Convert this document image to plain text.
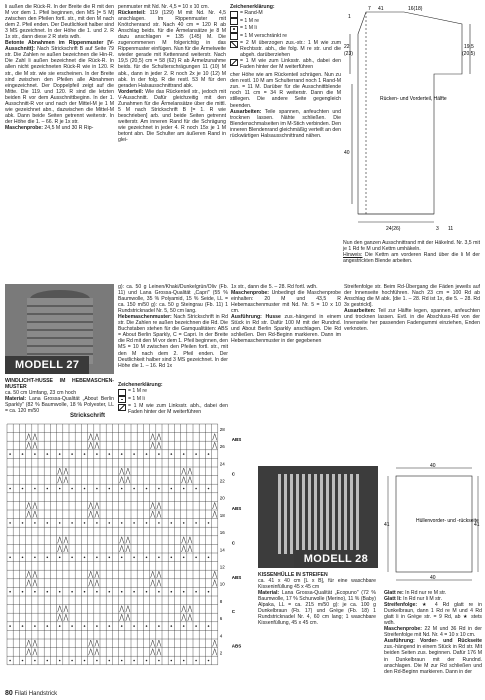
li außen die Rück-R. In der Breite die R mit den M vor dem 1. Pfeil beginnen, den MS [= 5 M] zwischen den Pfeilen fortl. str., mit den M nach dem 2. Pfeil enden. Der Deutlichkeit halber sind 3 MS gezeichnet. In der Höhe die 1. und 2. R 1x str., dann diese 2 R stets wdh.

Betonte Abnahmen im Rippenmuster [V-Ausschnitt]: Nach Strickschrift B auf Seite 79 str. Die Zahlen re außen bezeichnen die Hin-R. Die Zahl li außen bezeichnet die Rück-R. In allen nicht gezeichneten Rück-R wie in 120. R str., die M str. wie sie erscheinen. In der Breite sind zwischen den Pfeilen alle Abnahmen eingezeichnet. Der Doppelpfeil zeigt auf die Mitte. Die 119. und 120. R sind die letzten beiden R vor dem Ausschnittbeginn. In der 1. Ausschnitt-R vor und nach der Mittel-M je 1 M wie gezeichnet abn., dazwischen die Mittel-M abk. Dann beide Seiten getrennt weiterstr. In der Höhe die 1. – 66. R je 1x str.

Maschenprobe: 24,5 M und 30 R Rip-

penmuster mit Nd. Nr. 4,5 = 10 x 10 cm.

Rückenteil: 119 (129) M mit Nd. Nr. 4,5 anschlagen. Im Rippenmuster mit Knötchenrand str. Nach 40 cm = 120 R ab Anschlag beids. für die Ärmelansätze je 8 M dazu anschlagen = 135 (145) M. Die zugenommenen M folgerichtig in das Rippenmuster einfügen. Nun für die Ärmelweite wieder gerade mit Kettenrand weiterstr. Nach 19,5 (20,5) cm = 58 (62) R ab Ärmelzunahme beids. für die Schulterschrägungen 11 (10) M abk., dann in jeder 2. R noch 2x je 10 (12) M abk. In der folg. R die restl. 53 M für den geraden Halsausschnittrand abk.

Vorderteil: Wie das Rückenteil str., jedoch mit V-Ausschnitt. Dafür gleichzeitig mit den Zunahmen für die Ärmelansätze über die mittl. 5 M nach Strickschrift B [= 1. R wie beschrieben] arb. und beide Seiten getrennt weiterstr. Am inneren Rand für die Schrägung wie gezeichnet in jeder 4. R noch 15x je 1 M betont abn. Die Schulter am äußeren Rand in glei-

Zeichenerklärung:
= Rand-M
= 1 M re
= 1 M li
= 1 M verschränkt re
= 2 M überzogen zus.-str.: 1 M wie zum Rechtsstr. abh., die folg. M re str. und die abgeh. darüberziehen
= 1 M wie zum Linksstr. abh., dabei den Faden hinter der M weiterführen

cher Höhe wie am Rückenteil schrägen. Nun zu den restl. 10 M am Schulterrand noch 1 Rand-M zun. = 11 M. Darüber für die Ausschnittblende noch 11 cm = 34 R weiterstr. Dann die M stillegen. Die andere Seite gegengleich beenden.

Ausarbeiten: Teile spannen, anfeuchten und trocknen lassen. Nähte schließen. Die Blendenschmalseiten im M-Stich verbinden. Den inneren Blendenrand gleichmäßig verteilt an den rückwärtigen Halsausschnittrand nähen.

7 41	16(18)
1
22
(23)
19,5
(20,5)
40
24(26)	3 11
Rücken- und Vorderteil, Hälfte

Nun den ganzen Ausschnittrand mit der Häkelnd. Nr. 3,5 mit je 1 Rd fe M und Kettm umhäkeln.

Hinweis: Die Kettm am vorderen Rand über die li M der angestrickten Blende arbeiten.

MODELL 27

WINDLICHT-HUSSE IM HEBEMASCHEN-MUSTER

ca. 50 cm Umfang, 23 cm hoch

Material: Lana Grossa-Qualität „About Berlin Sparkly" (82 % Baumwolle, 18 % Polyester, LL = ca. 120 m/50

g): ca. 50 g Leinen/Khaki/Dunkelgrün/Oliv (Fb. 11) und Lana Grossa-Qualität „Capri" (55 % Baumwolle, 35 % Polyamid, 15 % Seide, LL = ca. 150 m/50 g): ca. 50 g Steingrau (Fb. 11) 1 Rundstricknadel Nr. 5, 50 cm lang.

Hebemaschenmuster: Nach Strickschrift in Rd str. Die Zahlen re außen bezeichnen die Rd. Die Buchstaben stehen für die Garnqualitäten: ABS = About Berlin Sparkly, C = Capri. In der Breite die Rd mit den M vor dem 1. Pfeil beginnen, den MS = 10 M zwischen den Pfeilen fortl. str., mit den M nach dem 2. Pfeil enden. Der Deutlichkeit halber sind 3 MS gezeichnet. In der Höhe die 1. – 16. Rd 1x

1x str., dann die 5. – 28. Rd fortl. wdh.

Maschenprobe: Unbedingt die Maschenprobe einhalten: 20 M und 43,5 R Hebemaschenmuster mit Nd. Nr. 5 = 10 x 10 cm.

Ausführung: Husse zus.-hängend in einem Stück in Rd str. Dafür 100 M mit der Rundnd. und About Berlin Sparkly anschlagen. Die Rd schließen. Den Rd-Beginn markieren. Dann im Hebemaschenmuster in der gegebenen

Streifenfolge str. Beim Rd-Übergang die Fäden jeweils auf der Innenseite hochführen. Nach 23 cm = 100 Rd ab Anschlag die M abk. [die 1. – 28. Rd ist 1x, die 5. – 28. Rd 3x gestrickt].

Ausarbeiten: Teil zur Hälfte legen, spannen, anfeuchten und trocknen lassen. Evtl. in die Abschluss-Rd von der Innenseite her passenden Fadengummi einziehen, Enden verknoten.

Zeichenerklärung:
= 1 M re
= 1 M li
= 1 M wie zum Linksstr. abh., dabei den Faden hinter der M weiterführen
Strickschrift
28
26
24
22
20
18
16
14
12
10
8
6
4
2
ABS
C
ABS
C
ABS
C
ABS
MODELL 28

KISSENHÜLLE IN STREIFEN

ca. 41 x 40 cm [L x B], für eine waschbare Kisseninfüllung 45 x 45 cm

Material: Lana Grossa-Qualität „Ecopuno" (72 % Baumwolle, 17 % Schurwolle (Merino), 11 % (Baby) Alpaka, LL = ca. 215 m/50 g): je ca. 100 g Dunkelbraun (Fb. 17) und Grége (Fb. 18) 1 Rundstricknadel Nr. 4, 60 cm lang; 1 waschbare Kissenfüllung, 45 x 45 cm.

40
41	41
40
Hüllenvorder- und -rückseite

Glatt re: In Rd nur re M str.

Glatt li: In Rd nur li M str.

Streifenfolge: ★ 4 Rd glatt re in Dunkelbraun, dann 1 Rd re M und 4 Rd glatt li in Grége str. = 9 Rd, ab ★ stets wdh.

Maschenprobe: 22 M und 36 Rd in der Streifenfolge mit Nd. Nr. 4 = 10 x 10 cm.

Ausführung: Vorder- und Rückseite zus.-hängend in einem Stück in Rd str. Mit beiden Seiten zus. beginnen. Dafür 176 M in Dunkelbraun mit der Rundnd. anschlagen. Die M zur Rd schließen und den Rd-Beginn markieren. Dann in der

80 Filati Handstrick
